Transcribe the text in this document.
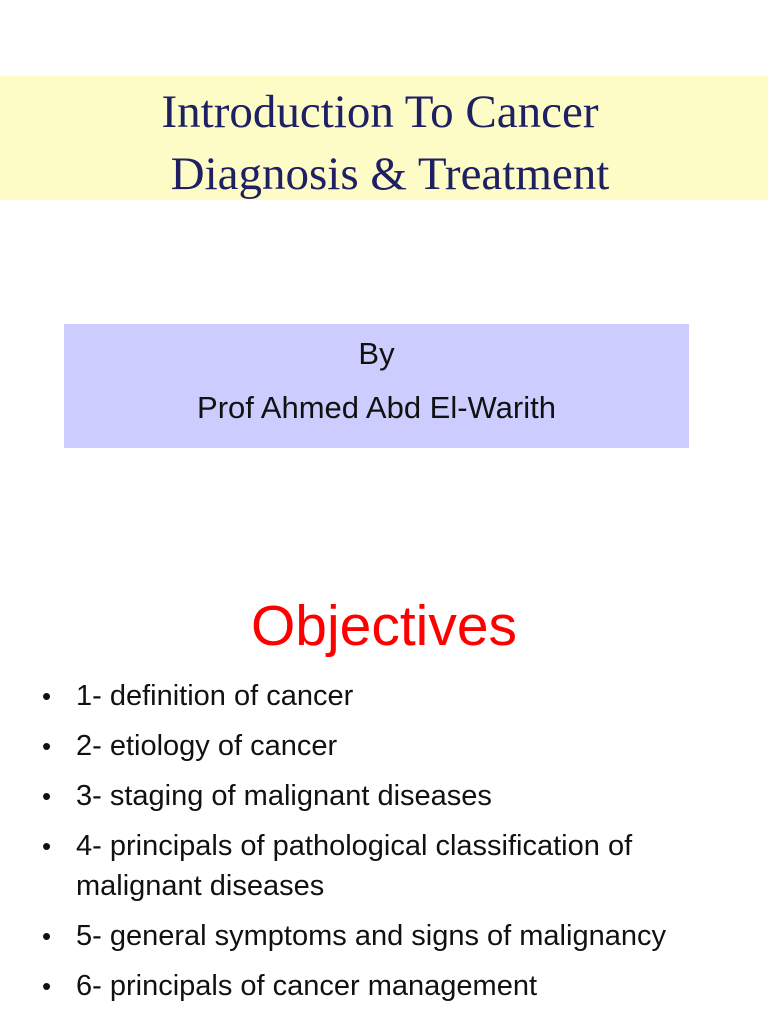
Introduction To Cancer
Diagnosis & Treatment
By
Prof Ahmed Abd El-Warith
Objectives
• 1- definition of cancer
• 2- etiology of cancer
• 3- staging of malignant diseases
• 4- principals of pathological classification of malignant diseases
• 5- general symptoms and signs of malignancy
• 6- principals of cancer management
